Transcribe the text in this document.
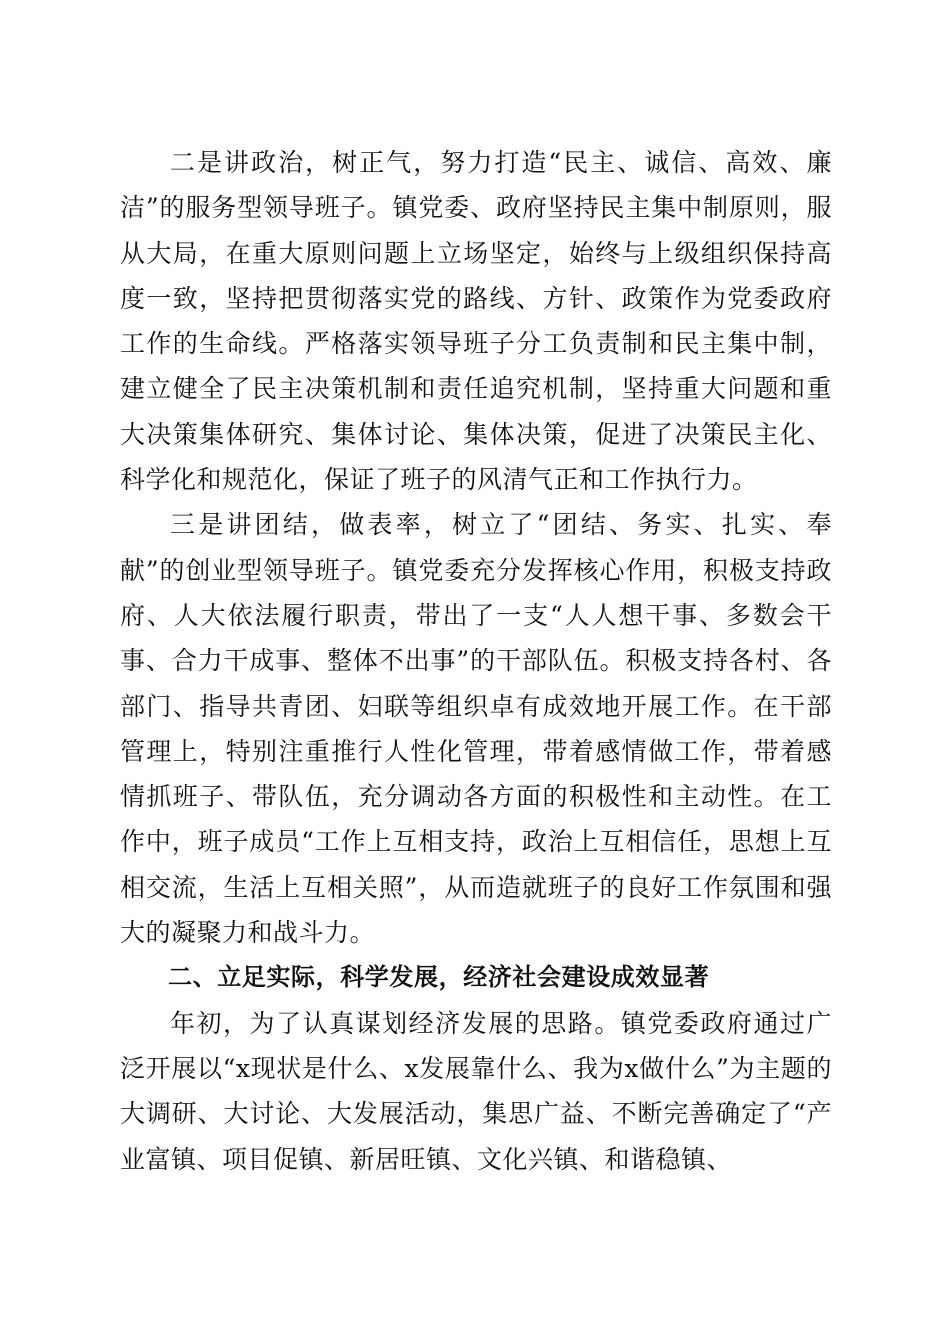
二是讲政治，树正气，努力打造“民主、诚信、高效、廉洁”的服务型领导班子。镇党委、政府坚持民主集中制原则，服从大局，在重大原则问题上立场坚定，始终与上级组织保持高度一致，坚持把贯彻落实党的路线、方针、政策作为党委政府工作的生命线。严格落实领导班子分工负责制和民主集中制，建立健全了民主决策机制和责任追究机制，坚持重大问题和重大决策集体研究、集体讨论、集体决策，促进了决策民主化、科学化和规范化，保证了班子的风清气正和工作执行力。

三是讲团结，做表率，树立了“团结、务实、扎实、奉献”的创业型领导班子。镇党委充分发挥核心作用，积极支持政府、人大依法履行职责，带出了一支“人人想干事、多数会干事、合力干成事、整体不出事”的干部队伍。积极支持各村、各部门、指导共青团、妇联等组织卓有成效地开展工作。在干部管理上，特别注重推行人性化管理，带着感情做工作，带着感情抓班子、带队伍，充分调动各方面的积极性和主动性。在工作中，班子成员“工作上互相支持，政治上互相信任，思想上互相交流，生活上互相关照”，从而造就班子的良好工作氛围和强大的凝聚力和战斗力。

二、立足实际，科学发展，经济社会建设成效显著

年初，为了认真谋划经济发展的思路。镇党委政府通过广泛开展以“x现状是什么、x发展靠什么、我为x做什么”为主题的大调研、大讨论、大发展活动，集思广益、不断完善确定了“产业富镇、项目促镇、新居旺镇、文化兴镇、和谐稳镇、
